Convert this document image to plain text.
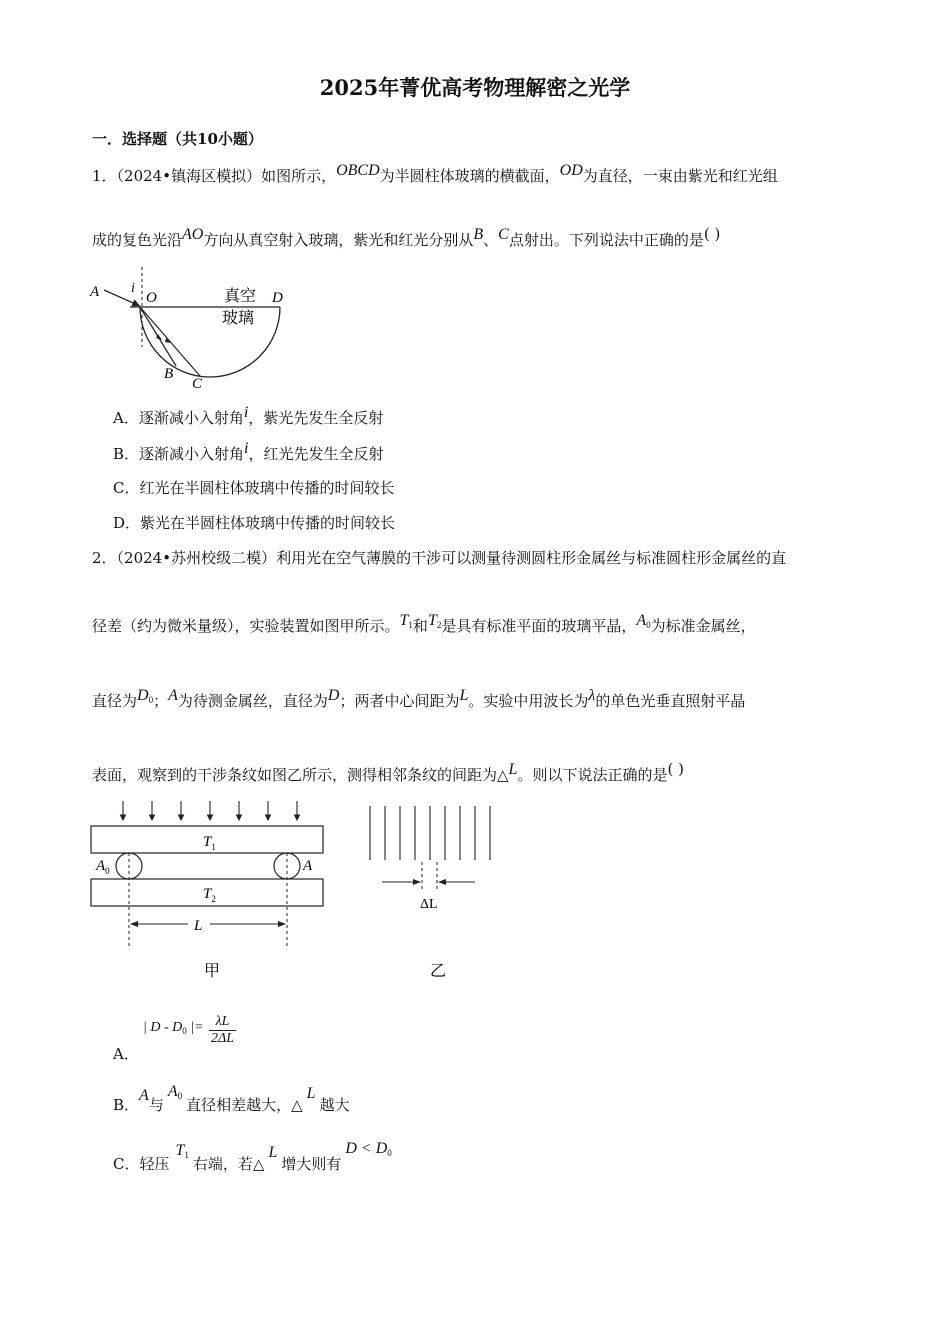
2025年菁优高考物理解密之光学
一．选择题（共10小题）
1．（2024•镇海区模拟）如图所示，OBCD为半圆柱体玻璃的横截面，OD为直径，一束由紫光和红光组
成的复色光沿AO方向从真空射入玻璃，紫光和红光分别从B、C点射出。下列说法中正确的是( )
A i
O	真空 D
玻璃
B
C
A．逐渐减小入射角i，紫光先发生全反射
B．逐渐减小入射角i，红光先发生全反射
C．红光在半圆柱体玻璃中传播的时间较长
D．紫光在半圆柱体玻璃中传播的时间较长
2．（2024•苏州校级二模）利用光在空气薄膜的干涉可以测量待测圆柱形金属丝与标准圆柱形金属丝的直
径差（约为微米量级），实验装置如图甲所示。T1和T2是具有标准平面的玻璃平晶，A0为标准金属丝，
直径为D0；A为待测金属丝，直径为D；两者中心间距为L。实验中用波长为λ的单色光垂直照射平晶
表面，观察到的干涉条纹如图乙所示，测得相邻条纹的间距为△L。则以下说法正确的是( )
$T_1$
$T_2$
$A_0$	A
L
甲
ΔL
乙
A．
| D - $D_0$ |= $\frac{\lambda L}{2\Delta L}$
B．A与A0 直径相差越大，△L越大
C．轻压T1 右端，若△L增大则有D < D0
